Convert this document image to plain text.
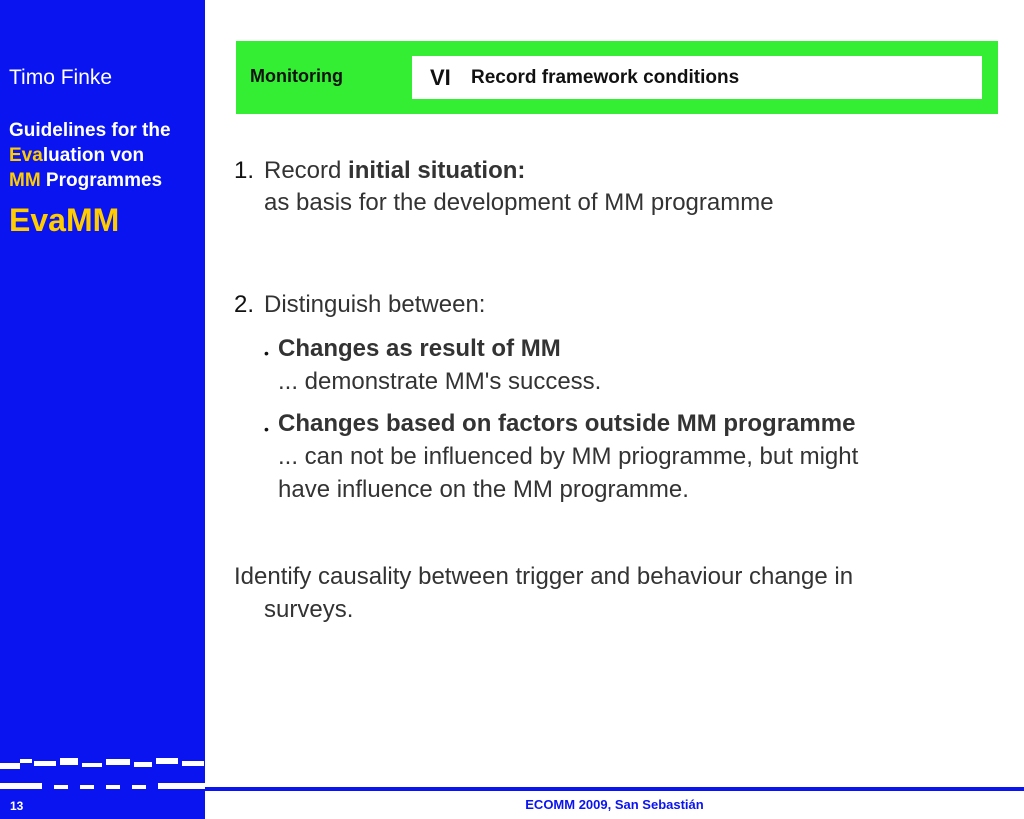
Timo Finke
Guidelines for the
Evaluation von
MM Programmes
EvaMM
13	ECOMM 2009, San Sebastián
Monitoring	VI Record framework conditions
1. Record initial situation:
as basis for the development of MM programme
2. Distinguish between:
• Changes as result of MM
... demonstrate MM's success.
• Changes based on factors outside MM programme
... can not be influenced by MM priogramme, but might
have influence on the MM programme.
Identify causality between trigger and behaviour change in
surveys.
